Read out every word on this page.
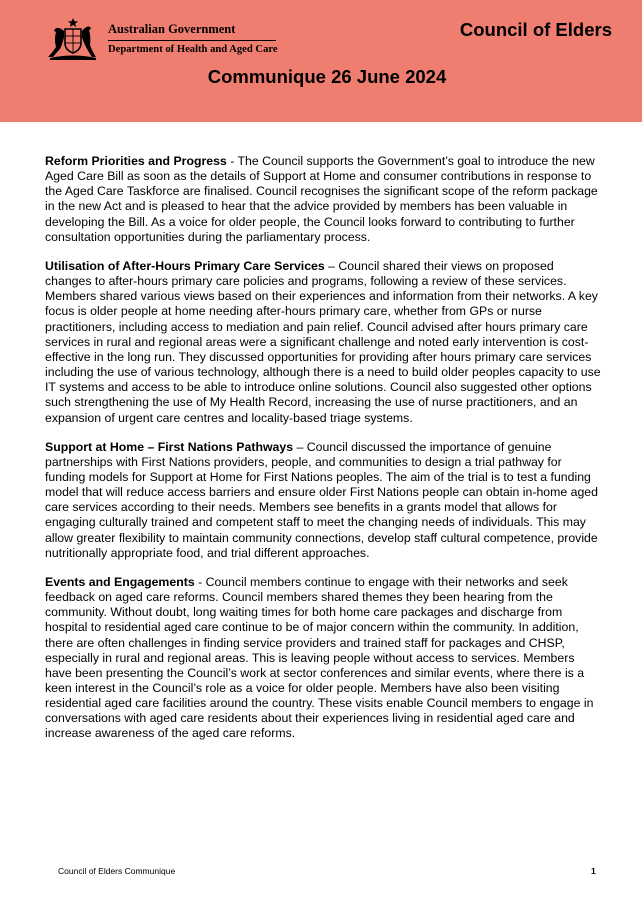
Australian Government
Department of Health and Aged Care
Council of Elders
Communique 26 June 2024

Reform Priorities and Progress - The Council supports the Government’s goal to introduce the new Aged Care Bill as soon as the details of Support at Home and consumer contributions in response to the Aged Care Taskforce are finalised. Council recognises the significant scope of the reform package in the new Act and is pleased to hear that the advice provided by members has been valuable in developing the Bill. As a voice for older people, the Council looks forward to contributing to further consultation opportunities during the parliamentary process.

Utilisation of After-Hours Primary Care Services – Council shared their views on proposed changes to after-hours primary care policies and programs, following a review of these services. Members shared various views based on their experiences and information from their networks. A key focus is older people at home needing after-hours primary care, whether from GPs or nurse practitioners, including access to mediation and pain relief. Council advised after hours primary care services in rural and regional areas were a significant challenge and noted early intervention is cost-effective in the long run. They discussed opportunities for providing after hours primary care services including the use of various technology, although there is a need to build older peoples capacity to use IT systems and access to be able to introduce online solutions. Council also suggested other options such strengthening the use of My Health Record, increasing the use of nurse practitioners, and an expansion of urgent care centres and locality-based triage systems.

Support at Home – First Nations Pathways – Council discussed the importance of genuine partnerships with First Nations providers, people, and communities to design a trial pathway for funding models for Support at Home for First Nations peoples. The aim of the trial is to test a funding model that will reduce access barriers and ensure older First Nations people can obtain in-home aged care services according to their needs. Members see benefits in a grants model that allows for engaging culturally trained and competent staff to meet the changing needs of individuals. This may allow greater flexibility to maintain community connections, develop staff cultural competence, provide nutritionally appropriate food, and trial different approaches.

Events and Engagements - Council members continue to engage with their networks and seek feedback on aged care reforms. Council members shared themes they been hearing from the community. Without doubt, long waiting times for both home care packages and discharge from hospital to residential aged care continue to be of major concern within the community. In addition, there are often challenges in finding service providers and trained staff for packages and CHSP, especially in rural and regional areas. This is leaving people without access to services. Members have been presenting the Council’s work at sector conferences and similar events, where there is a keen interest in the Council’s role as a voice for older people. Members have also been visiting residential aged care facilities around the country. These visits enable Council members to engage in conversations with aged care residents about their experiences living in residential aged care and increase awareness of the aged care reforms.

Council of Elders Communique	1
